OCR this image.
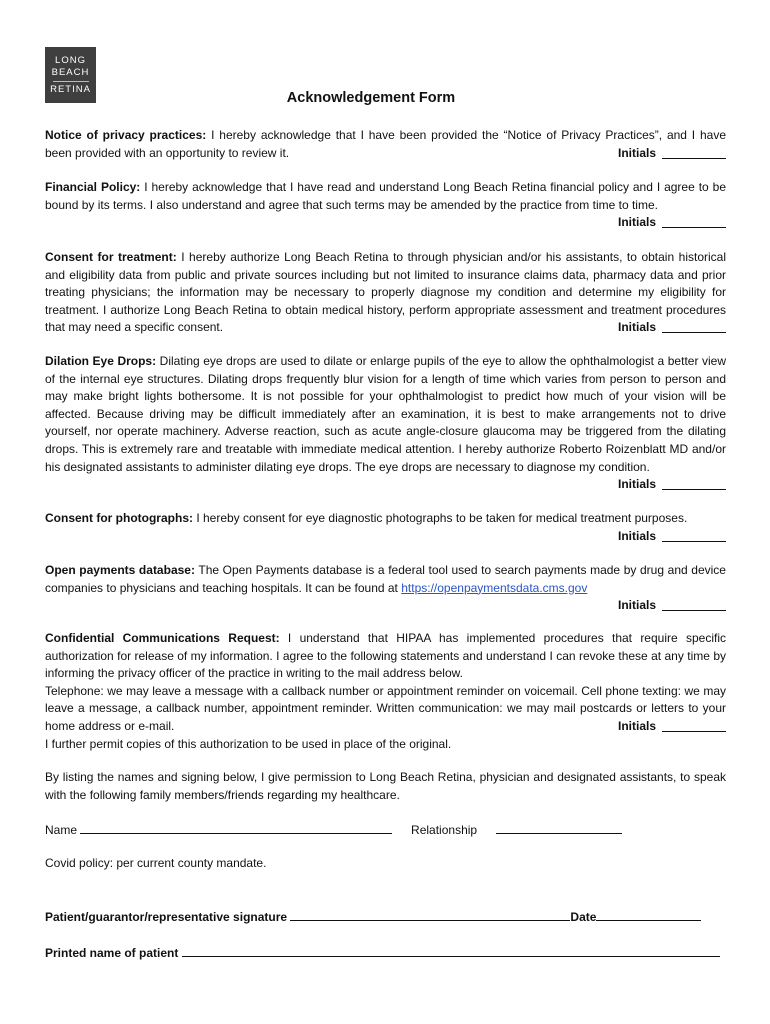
LONG
BEACH
RETINA
Acknowledgement Form

Notice of privacy practices: I hereby acknowledge that I have been provided the “Notice of Privacy Practices”, and I have been provided with an opportunity to review it.	Initials

Financial Policy: I hereby acknowledge that I have read and understand Long Beach Retina financial policy and I agree to be bound by its terms. I also understand and agree that such terms may be amended by the practice from time to time.

Initials

Consent for treatment: I hereby authorize Long Beach Retina to through physician and/or his assistants, to obtain historical and eligibility data from public and private sources including but not limited to insurance claims data, pharmacy data and prior treating physicians; the information may be necessary to properly diagnose my condition and determine my eligibility for treatment. I authorize Long Beach Retina to obtain medical history, perform appropriate assessment and treatment procedures that may need a specific consent.	Initials

Dilation Eye Drops: Dilating eye drops are used to dilate or enlarge pupils of the eye to allow the ophthalmologist a better view of the internal eye structures. Dilating drops frequently blur vision for a length of time which varies from person to person and may make bright lights bothersome. It is not possible for your ophthalmologist to predict how much of your vision will be affected. Because driving may be difficult immediately after an examination, it is best to make arrangements not to drive yourself, nor operate machinery. Adverse reaction, such as acute angle-closure glaucoma may be triggered from the dilating drops. This is extremely rare and treatable with immediate medical attention. I hereby authorize Roberto Roizenblatt MD and/or his designated assistants to administer dilating eye drops. The eye drops are necessary to diagnose my condition.
Initials

Consent for photographs: I hereby consent for eye diagnostic photographs to be taken for medical treatment purposes.

Initials

Open payments database: The Open Payments database is a federal tool used to search payments made by drug and device companies to physicians and teaching hospitals. It can be found at https://openpaymentsdata.cms.gov

Initials

Confidential Communications Request: I understand that HIPAA has implemented procedures that require specific authorization for release of my information. I agree to the following statements and understand I can revoke these at any time by informing the privacy officer of the practice in writing to the mail address below.

Telephone: we may leave a message with a callback number or appointment reminder on voicemail. Cell phone texting: we may leave a message, a callback number, appointment reminder. Written communication: we may mail postcards or letters to your home address or e-mail.	Initials

I further permit copies of this authorization to be used in place of the original.

By listing the names and signing below, I give permission to Long Beach Retina, physician and designated assistants, to speak with the following family members/friends regarding my healthcare.
Name	Relationship
Covid policy: per current county mandate.
Patient/guarantor/representative signature	Date
Printed name of patient
